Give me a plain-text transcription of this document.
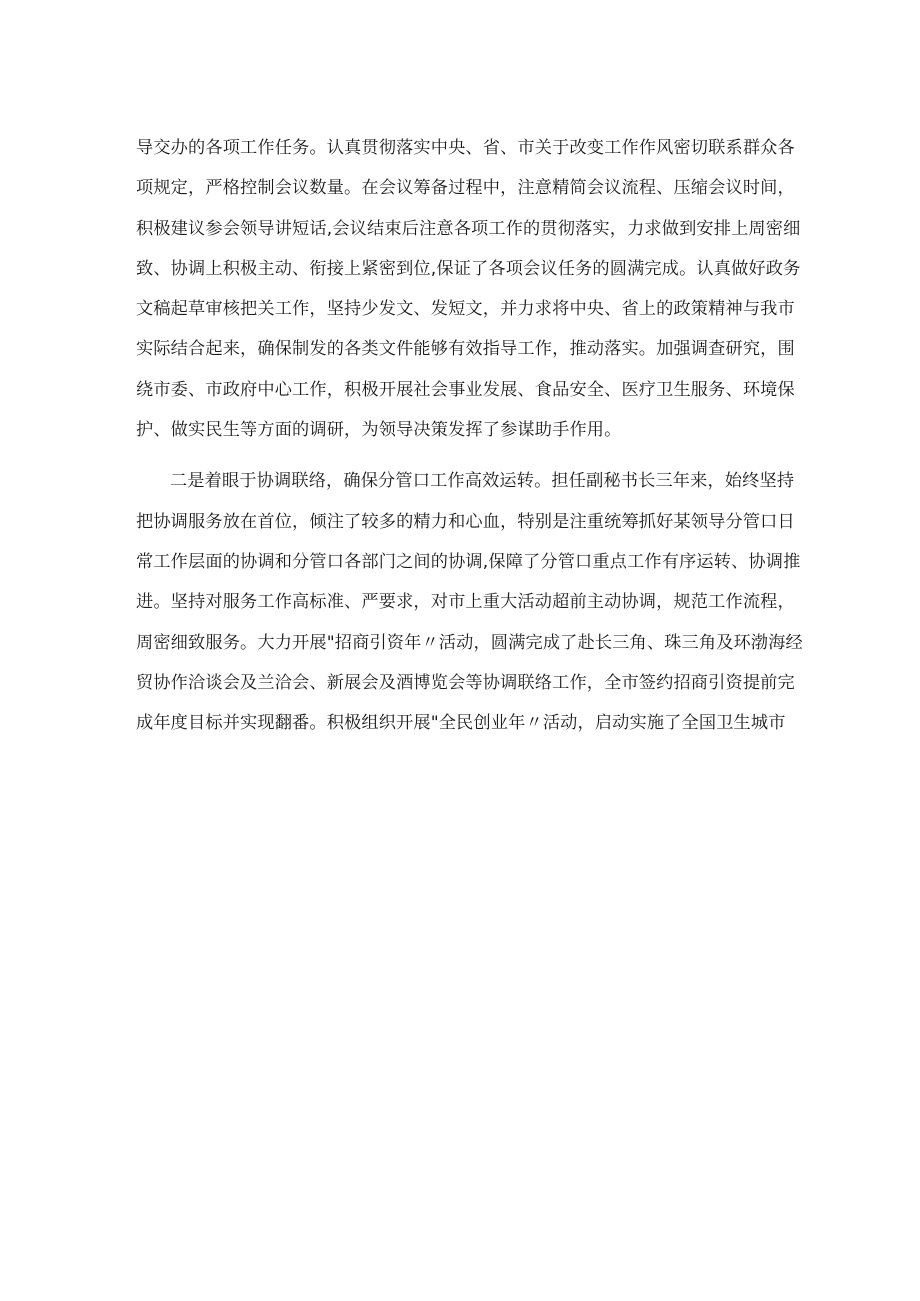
导交办的各项工作任务。认真贯彻落实中央、省、市关于改变工作作风密切联系群众各
项规定，严格控制会议数量。在会议筹备过程中，注意精简会议流程、压缩会议时间，
积极建议参会领导讲短话,会议结束后注意各项工作的贯彻落实，力求做到安排上周密细
致、协调上积极主动、衔接上紧密到位,保证了各项会议任务的圆满完成。认真做好政务
文稿起草审核把关工作，坚持少发文、发短文，并力求将中央、省上的政策精神与我市
实际结合起来，确保制发的各类文件能够有效指导工作，推动落实。加强调查研究，围
绕市委、市政府中心工作，积极开展社会事业发展、食品安全、医疗卫生服务、环境保
护、做实民生等方面的调研，为领导决策发挥了参谋助手作用。
二是着眼于协调联络，确保分管口工作高效运转。担任副秘书长三年来，始终坚持
把协调服务放在首位，倾注了较多的精力和心血，特别是注重统筹抓好某领导分管口日
常工作层面的协调和分管口各部门之间的协调,保障了分管口重点工作有序运转、协调推
进。坚持对服务工作高标准、严要求，对市上重大活动超前主动协调，规范工作流程，
周密细致服务。大力开展"招商引资年〃活动，圆满完成了赴长三角、珠三角及环渤海经
贸协作洽谈会及兰洽会、新展会及酒博览会等协调联络工作，全市签约招商引资提前完
成年度目标并实现翻番。积极组织开展"全民创业年〃活动，启动实施了全国卫生城市
